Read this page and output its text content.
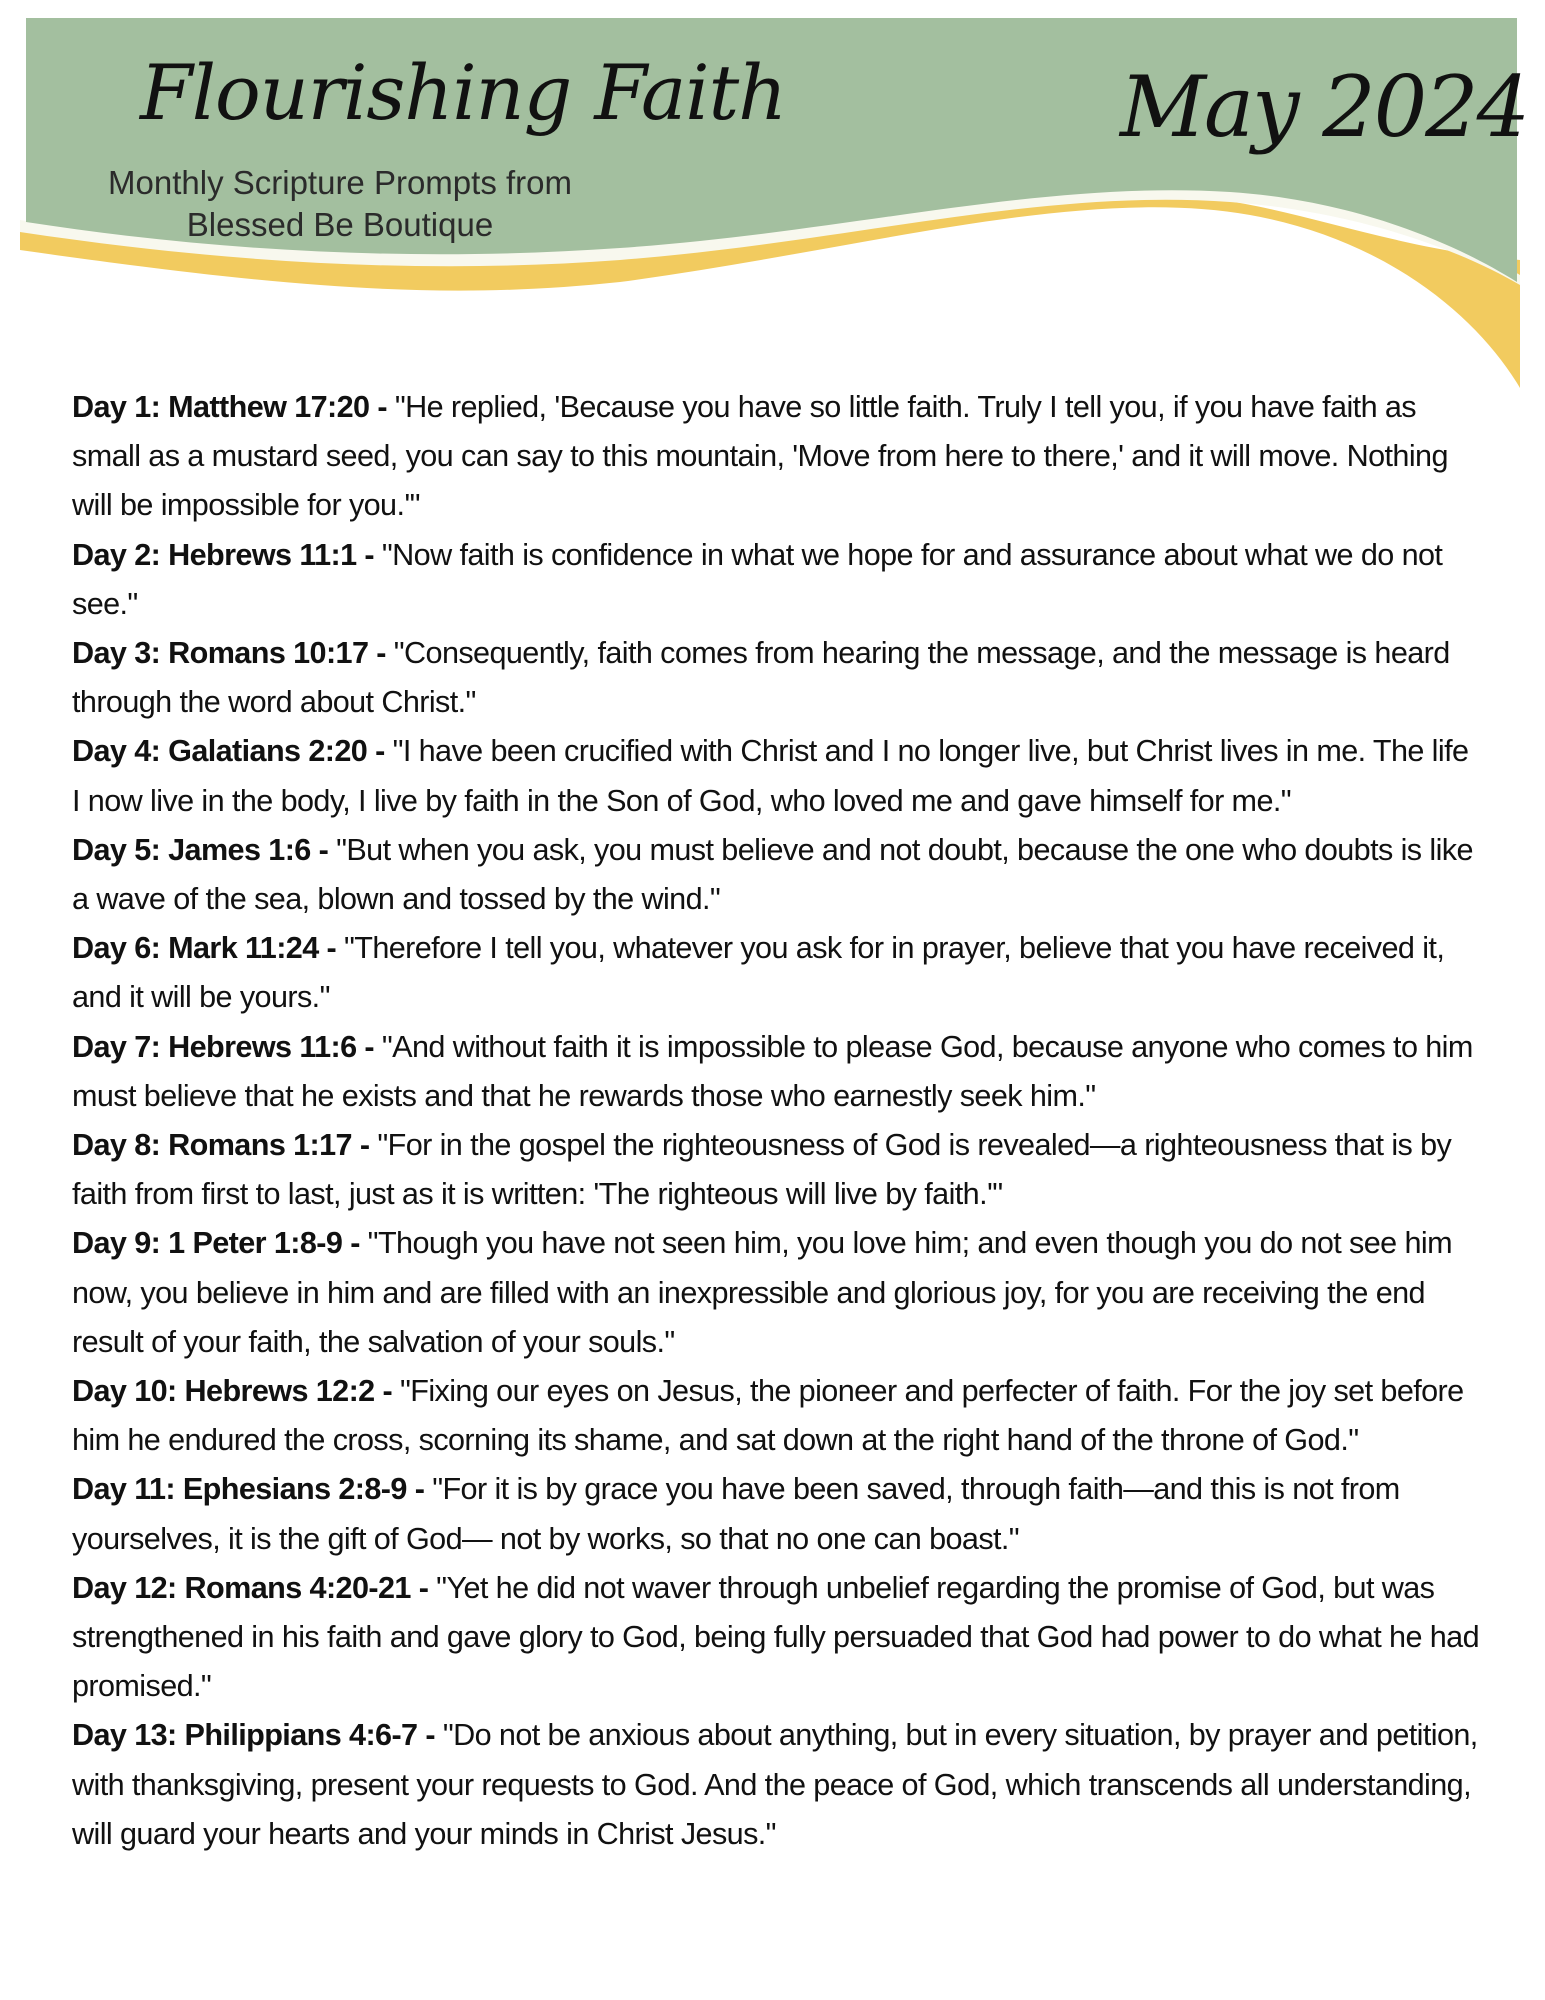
Flourishing Faith
Monthly Scripture Prompts from
Blessed Be Boutique
May 2024

Day 1: Matthew 17:20 - "He replied, 'Because you have so little faith. Truly I tell you, if you have faith as small as a mustard seed, you can say to this mountain, 'Move from here to there,' and it will move. Nothing will be impossible for you.'"

Day 2: Hebrews 11:1 - "Now faith is confidence in what we hope for and assurance about what we do not see."

Day 3: Romans 10:17 - "Consequently, faith comes from hearing the message, and the message is heard through the word about Christ."

Day 4: Galatians 2:20 - "I have been crucified with Christ and I no longer live, but Christ lives in me. The life I now live in the body, I live by faith in the Son of God, who loved me and gave himself for me."

Day 5: James 1:6 - "But when you ask, you must believe and not doubt, because the one who doubts is like a wave of the sea, blown and tossed by the wind."

Day 6: Mark 11:24 - "Therefore I tell you, whatever you ask for in prayer, believe that you have received it, and it will be yours."

Day 7: Hebrews 11:6 - "And without faith it is impossible to please God, because anyone who comes to him must believe that he exists and that he rewards those who earnestly seek him."

Day 8: Romans 1:17 - "For in the gospel the righteousness of God is revealed—a righteousness that is by faith from first to last, just as it is written: 'The righteous will live by faith.'"

Day 9: 1 Peter 1:8-9 - "Though you have not seen him, you love him; and even though you do not see him now, you believe in him and are filled with an inexpressible and glorious joy, for you are receiving the end result of your faith, the salvation of your souls."

Day 10: Hebrews 12:2 - "Fixing our eyes on Jesus, the pioneer and perfecter of faith. For the joy set before him he endured the cross, scorning its shame, and sat down at the right hand of the throne of God."

Day 11: Ephesians 2:8-9 - "For it is by grace you have been saved, through faith—and this is not from yourselves, it is the gift of God— not by works, so that no one can boast."

Day 12: Romans 4:20-21 - "Yet he did not waver through unbelief regarding the promise of God, but was strengthened in his faith and gave glory to God, being fully persuaded that God had power to do what he had promised."

Day 13: Philippians 4:6-7 - "Do not be anxious about anything, but in every situation, by prayer and petition, with thanksgiving, present your requests to God. And the peace of God, which transcends all understanding, will guard your hearts and your minds in Christ Jesus."
